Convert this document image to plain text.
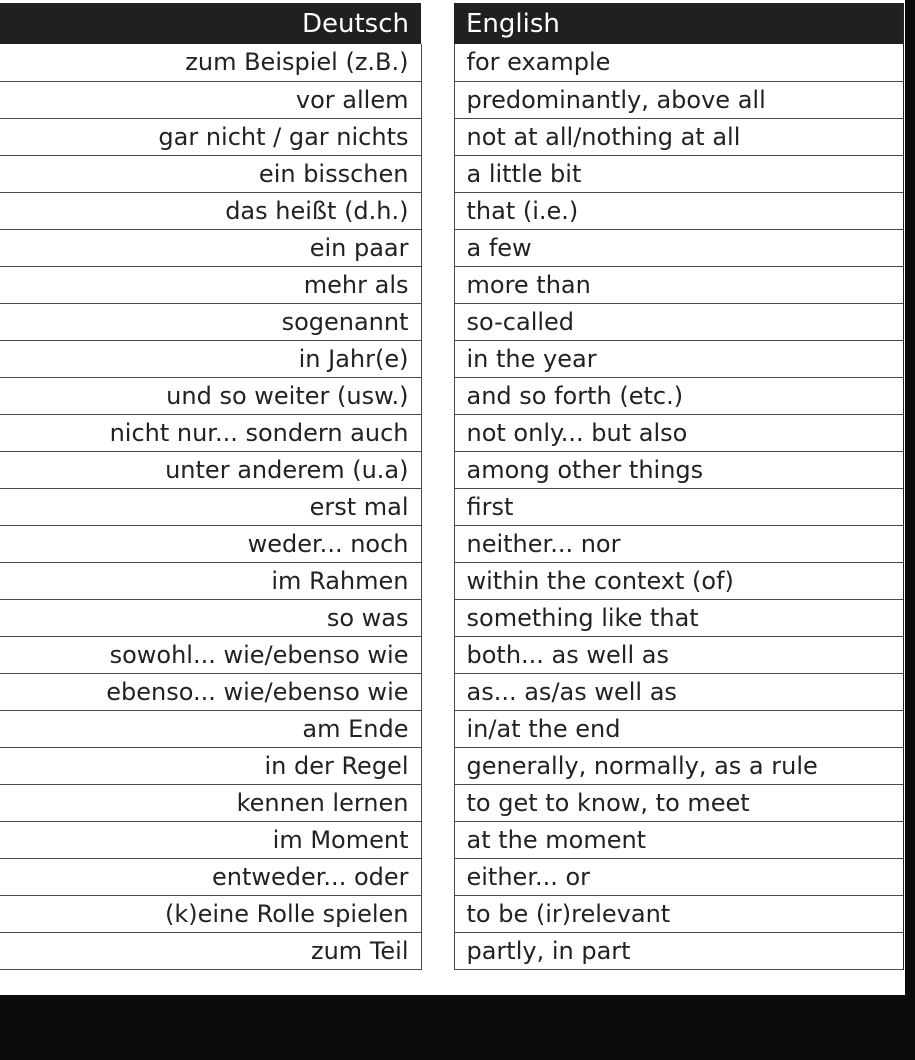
Deutsch		English
zum Beispiel (z.B.)		for example
vor allem		predominantly, above all
gar nicht / gar nichts		not at all/nothing at all
ein bisschen		a little bit
das heißt (d.h.)		that (i.e.)
ein paar		a few
mehr als		more than
sogenannt		so-called
in Jahr(e)		in the year
und so weiter (usw.)		and so forth (etc.)
nicht nur... sondern auch		not only... but also
unter anderem (u.a)		among other things
erst mal		first
weder... noch		neither... nor
im Rahmen		within the context (of)
so was		something like that
sowohl... wie/ebenso wie		both... as well as
ebenso... wie/ebenso wie		as... as/as well as
am Ende		in/at the end
in der Regel		generally, normally, as a rule
kennen lernen		to get to know, to meet
im Moment		at the moment
entweder... oder		either... or
(k)eine Rolle spielen		to be (ir)relevant
zum Teil		partly, in part
